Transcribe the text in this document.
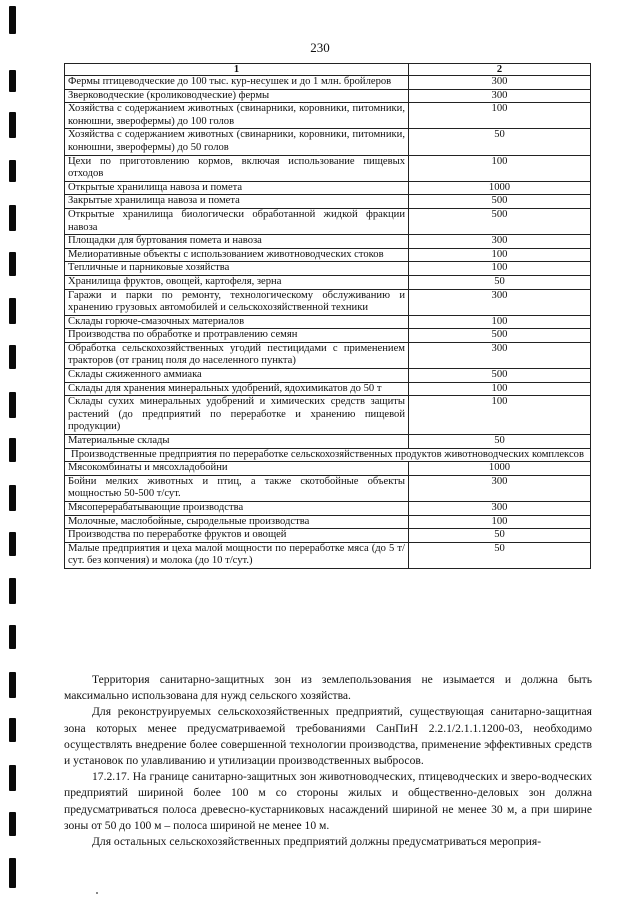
230
1	2
Фермы птицеводческие до 100 тыс. кур-несушек и до 1 млн. бройлеров	300
Зверководческие (кролиководческие) фермы	300
Хозяйства с содержанием животных (свинарники, коровники, питомники, конюшни, зверофермы) до 100 голов	100
Хозяйства с содержанием животных (свинарники, коровники, питомники, конюшни, зверофермы) до 50 голов	50
Цехи по приготовлению кормов, включая использование пищевых отходов	100
Открытые хранилища навоза и помета	1000
Закрытые хранилища навоза и помета	500
Открытые хранилища биологически обработанной жидкой фракции навоза	500
Площадки для буртования помета и навоза	300
Мелиоративные объекты с использованием животноводческих стоков	100
Тепличные и парниковые хозяйства	100
Хранилища фруктов, овощей, картофеля, зерна	50
Гаражи и парки по ремонту, технологическому обслуживанию и хранению грузовых автомобилей и сельскохозяйственной техники	300
Склады горюче-смазочных материалов	100
Производства по обработке и протравлению семян	500
Обработка сельскохозяйственных угодий пестицидами с применением тракторов (от границ поля до населенного пункта)	300
Склады сжиженного аммиака	500
Склады для хранения минеральных удобрений, ядохимикатов до 50 т	100
Склады сухих минеральных удобрений и химических средств защиты растений (до предприятий по переработке и хранению пищевой продукции)	100
Материальные склады	50
Производственные предприятия по переработке сельскохозяйственных продуктов животноводческих комплексов	
Мясокомбинаты и мясохладобойни	1000
Бойни мелких животных и птиц, а также скотобойные объекты мощностью 50-500 т/сут.	300
Мясоперерабатывающие производства	300
Молочные, маслобойные, сыродельные производства	100
Производства по переработке фруктов и овощей	50
Малые предприятия и цеха малой мощности по переработке мяса (до 5 т/сут. без копчения) и молока (до 10 т/сут.)	50

Территория санитарно-защитных зон из землепользования не изымается и должна быть максимально использована для нужд сельского хозяйства.

Для реконструируемых сельскохозяйственных предприятий, существующая санитарно-защитная зона которых менее предусматриваемой требованиями СанПиН 2.2.1/2.1.1.1200-03, необходимо осуществлять внедрение более совершенной технологии производства, применение эффективных средств и установок по улавливанию и утилизации производственных выбросов.

17.2.17. На границе санитарно-защитных зон животноводческих, птицеводческих и зверо-водческих предприятий шириной более 100 м со стороны жилых и общественно-деловых зон должна предусматриваться полоса древесно-кустарниковых насаждений шириной не менее 30 м, а при ширине зоны от 50 до 100 м – полоса шириной не менее 10 м.

Для остальных сельскохозяйственных предприятий должны предусматриваться мероприя-
